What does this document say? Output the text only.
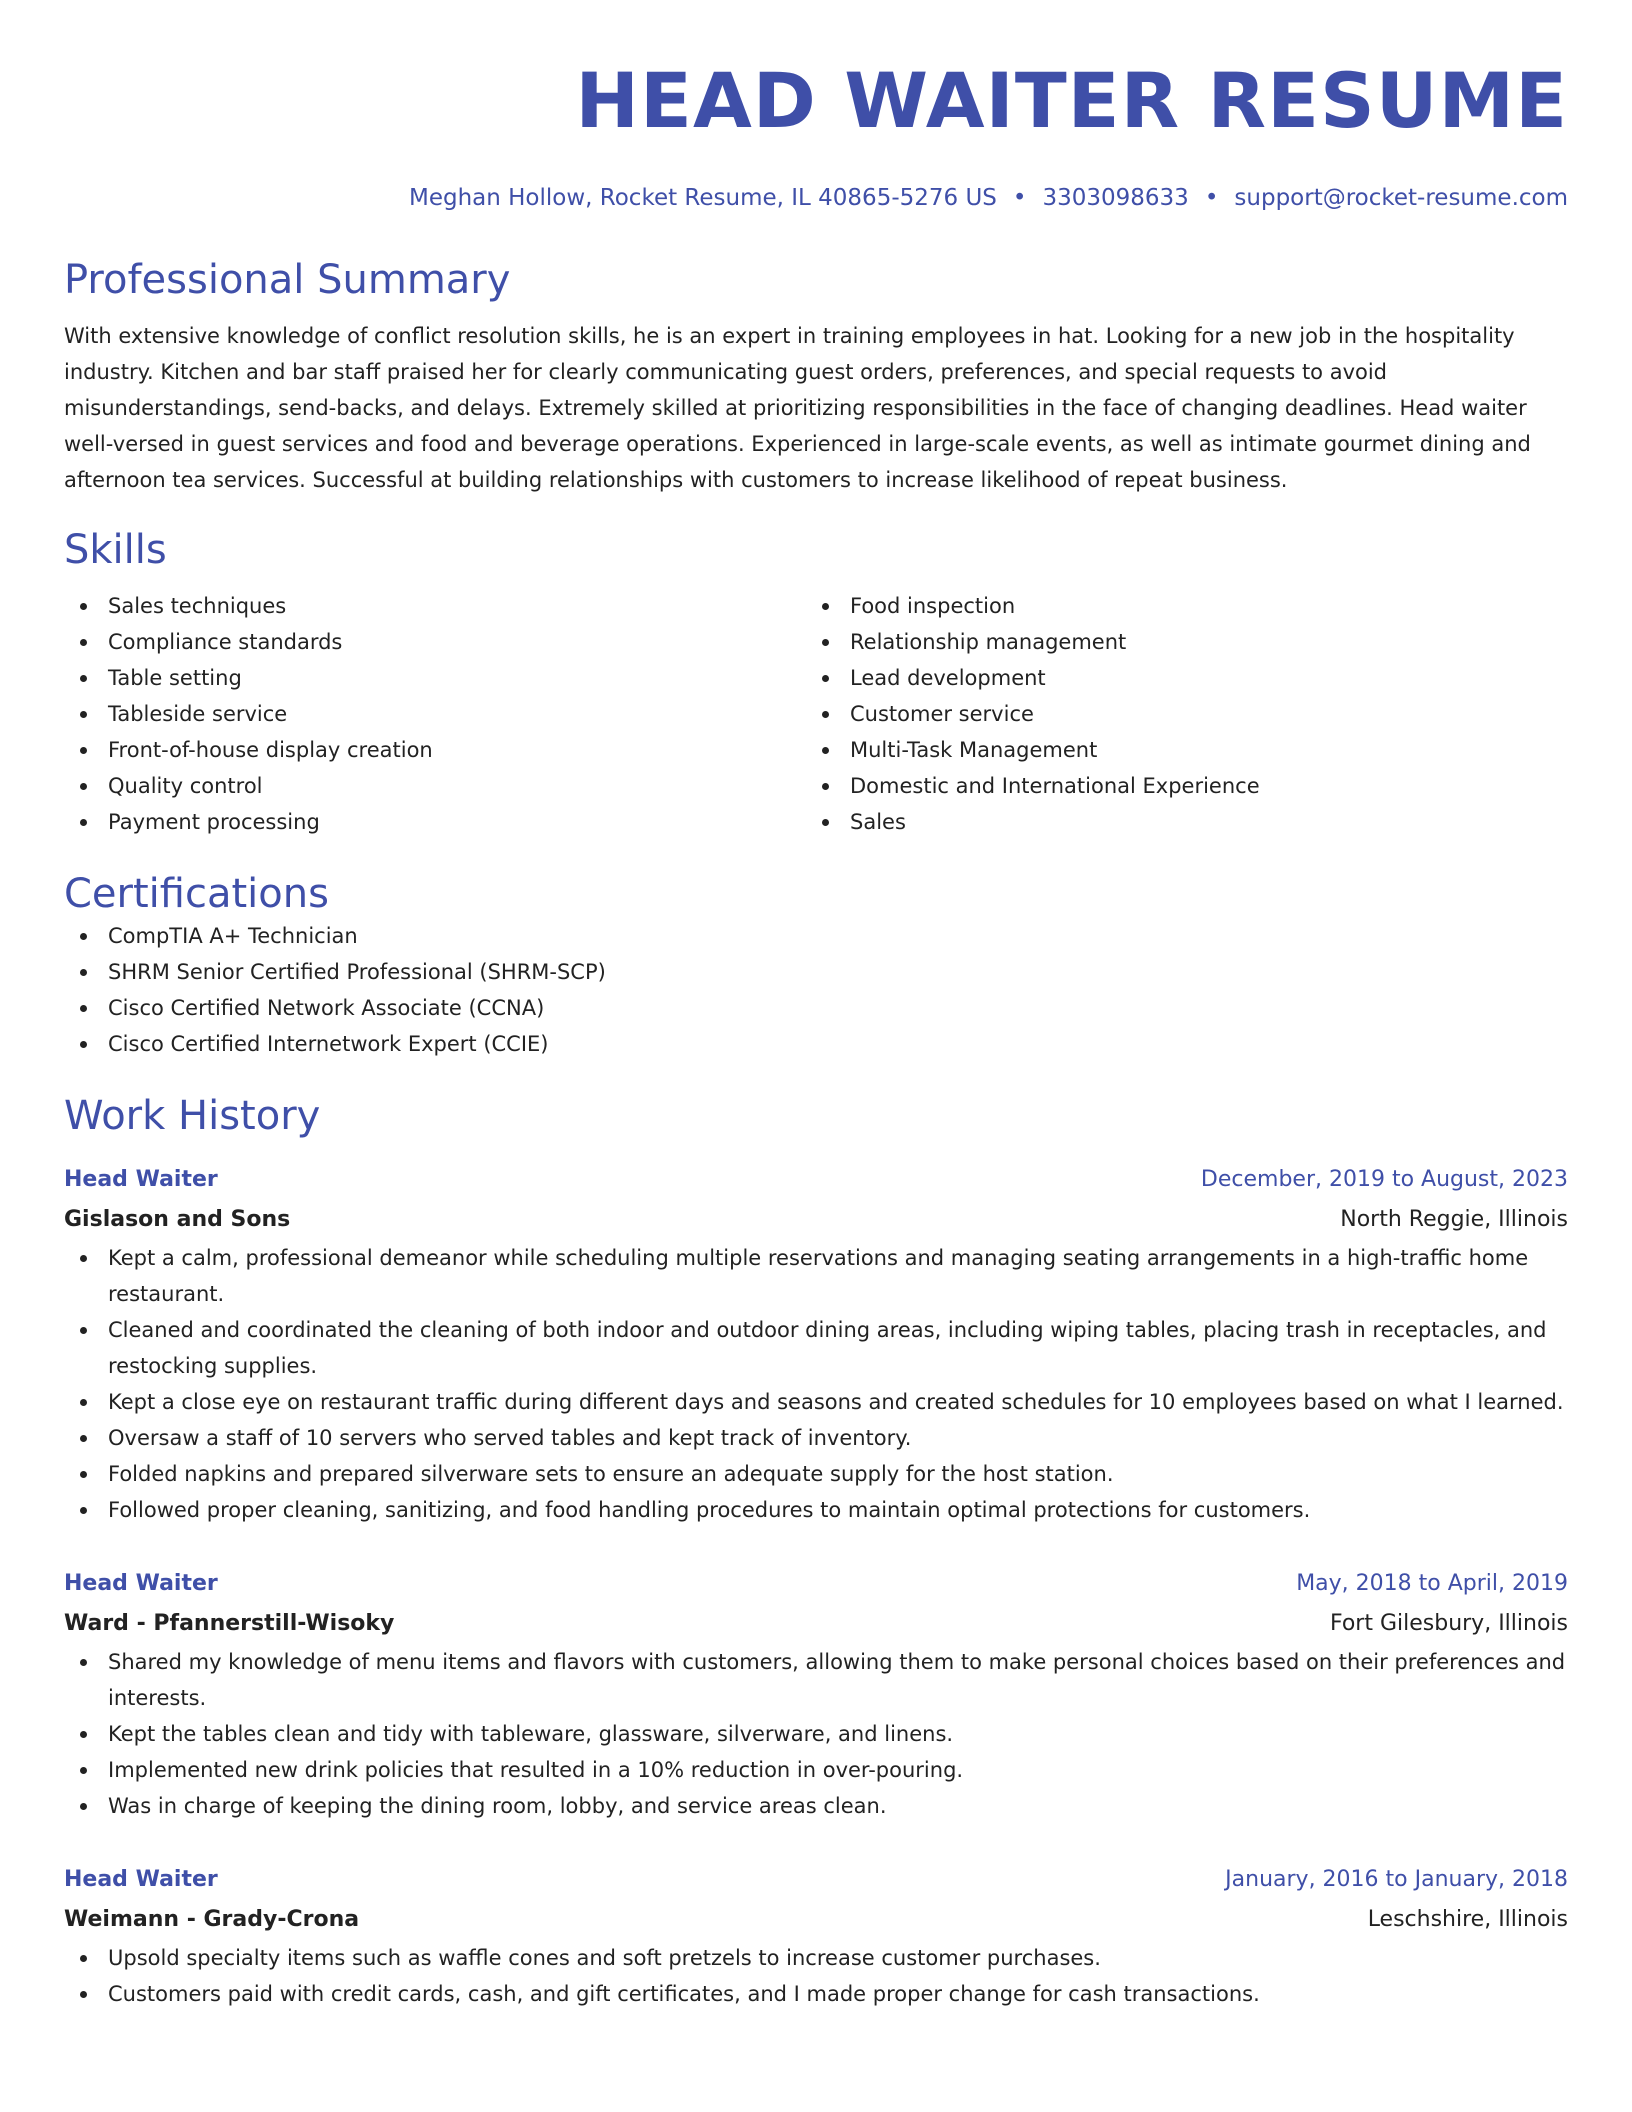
HEAD WAITER RESUME
Meghan Hollow, Rocket Resume, IL 40865-5276 US • 3303098633 • support@rocket-resume.com
Professional Summary
With extensive knowledge of conflict resolution skills, he is an expert in training employees in hat. Looking for a new job in the hospitality industry. Kitchen and bar staff praised her for clearly communicating guest orders, preferences, and special requests to avoid misunderstandings, send-backs, and delays. Extremely skilled at prioritizing responsibilities in the face of changing deadlines. Head waiter well-versed in guest services and food and beverage operations. Experienced in large-scale events, as well as intimate gourmet dining and afternoon tea services. Successful at building relationships with customers to increase likelihood of repeat business.
Skills
Sales techniques
Compliance standards
Table setting
Tableside service
Front-of-house display creation
Quality control
Payment processing
Food inspection
Relationship management
Lead development
Customer service
Multi-Task Management
Domestic and International Experience
Sales
Certifications
CompTIA A+ Technician
SHRM Senior Certified Professional (SHRM-SCP)
Cisco Certified Network Associate (CCNA)
Cisco Certified Internetwork Expert (CCIE)
Work History
Head Waiter	December, 2019 to August, 2023
Gislason and Sons	North Reggie, Illinois
Kept a calm, professional demeanor while scheduling multiple reservations and managing seating arrangements in a high-traffic home restaurant.
Cleaned and coordinated the cleaning of both indoor and outdoor dining areas, including wiping tables, placing trash in receptacles, and restocking supplies.
Kept a close eye on restaurant traffic during different days and seasons and created schedules for 10 employees based on what I learned.
Oversaw a staff of 10 servers who served tables and kept track of inventory.
Folded napkins and prepared silverware sets to ensure an adequate supply for the host station.
Followed proper cleaning, sanitizing, and food handling procedures to maintain optimal protections for customers.
Head Waiter	May, 2018 to April, 2019
Ward - Pfannerstill-Wisoky	Fort Gilesbury, Illinois
Shared my knowledge of menu items and flavors with customers, allowing them to make personal choices based on their preferences and interests.
Kept the tables clean and tidy with tableware, glassware, silverware, and linens.
Implemented new drink policies that resulted in a 10% reduction in over-pouring.
Was in charge of keeping the dining room, lobby, and service areas clean.
Head Waiter	January, 2016 to January, 2018
Weimann - Grady-Crona	Leschshire, Illinois
Upsold specialty items such as waffle cones and soft pretzels to increase customer purchases.
Customers paid with credit cards, cash, and gift certificates, and I made proper change for cash transactions.
